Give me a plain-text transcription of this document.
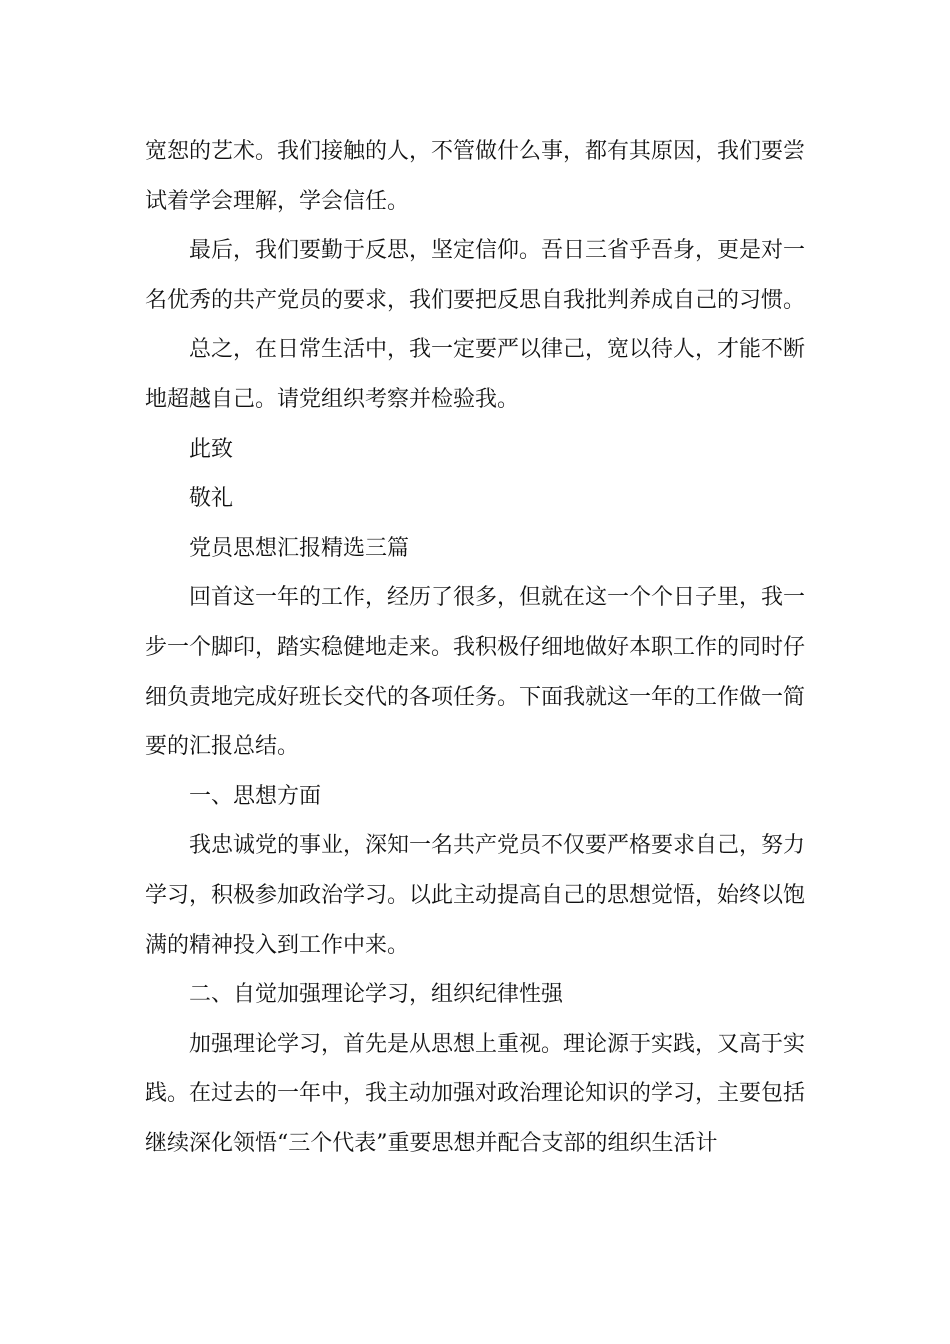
宽恕的艺术。我们接触的人，不管做什么事，都有其原因，我们要尝试着学会理解，学会信任。

最后，我们要勤于反思，坚定信仰。吾日三省乎吾身，更是对一名优秀的共产党员的要求，我们要把反思自我批判养成自己的习惯。

总之，在日常生活中，我一定要严以律己，宽以待人，才能不断地超越自己。请党组织考察并检验我。

此致

敬礼

党员思想汇报精选三篇

回首这一年的工作，经历了很多，但就在这一个个日子里，我一步一个脚印，踏实稳健地走来。我积极仔细地做好本职工作的同时仔细负责地完成好班长交代的各项任务。下面我就这一年的工作做一简要的汇报总结。

一、思想方面

我忠诚党的事业，深知一名共产党员不仅要严格要求自己，努力学习，积极参加政治学习。以此主动提高自己的思想觉悟，始终以饱满的精神投入到工作中来。

二、自觉加强理论学习，组织纪律性强

加强理论学习，首先是从思想上重视。理论源于实践，又高于实践。在过去的一年中，我主动加强对政治理论知识的学习，主要包括继续深化领悟“三个代表”重要思想并配合支部的组织生活计
